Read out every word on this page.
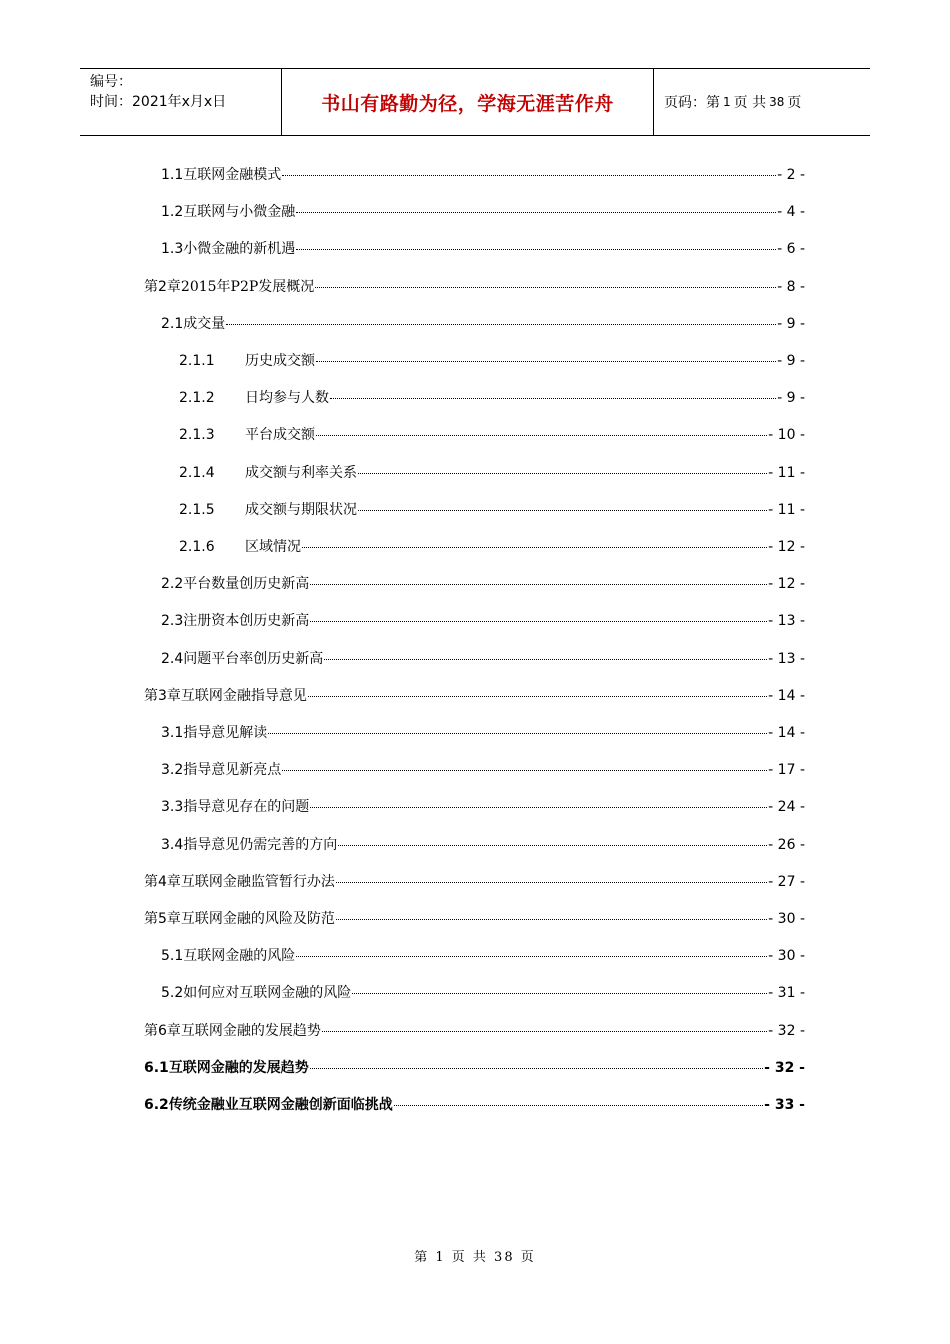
编号：
时间：2021年x月x日	书山有路勤为径，学海无涯苦作舟	页码：第 1 页 共 38 页
1.1 互联网金融模式	- 2 -
1.2 互联网与小微金融	- 4 -
1.3 小微金融的新机遇	- 6 -
第2章 2015年P2P发展概况	- 8 -
2.1 成交量	- 9 -
2.1.1	历史成交额	- 9 -
2.1.2	日均参与人数	- 9 -
2.1.3	平台成交额	- 10 -
2.1.4	成交额与利率关系	- 11 -
2.1.5	成交额与期限状况	- 11 -
2.1.6	区域情况	- 12 -
2.2 平台数量创历史新高	- 12 -
2.3 注册资本创历史新高	- 13 -
2.4 问题平台率创历史新高	- 13 -
第3章 互联网金融指导意见	- 14 -
3.1 指导意见解读	- 14 -
3.2 指导意见新亮点	- 17 -
3.3 指导意见存在的问题	- 24 -
3.4 指导意见仍需完善的方向	- 26 -
第4章 互联网金融监管暂行办法	- 27 -
第5章 互联网金融的风险及防范	- 30 -
5.1 互联网金融的风险	- 30 -
5.2 如何应对互联网金融的风险	- 31 -
第6章 互联网金融的发展趋势	- 32 -
6.1 互联网金融的发展趋势	- 32 -
6.2 传统金融业互联网金融创新面临挑战	- 33 -
第 1 页 共 38 页
